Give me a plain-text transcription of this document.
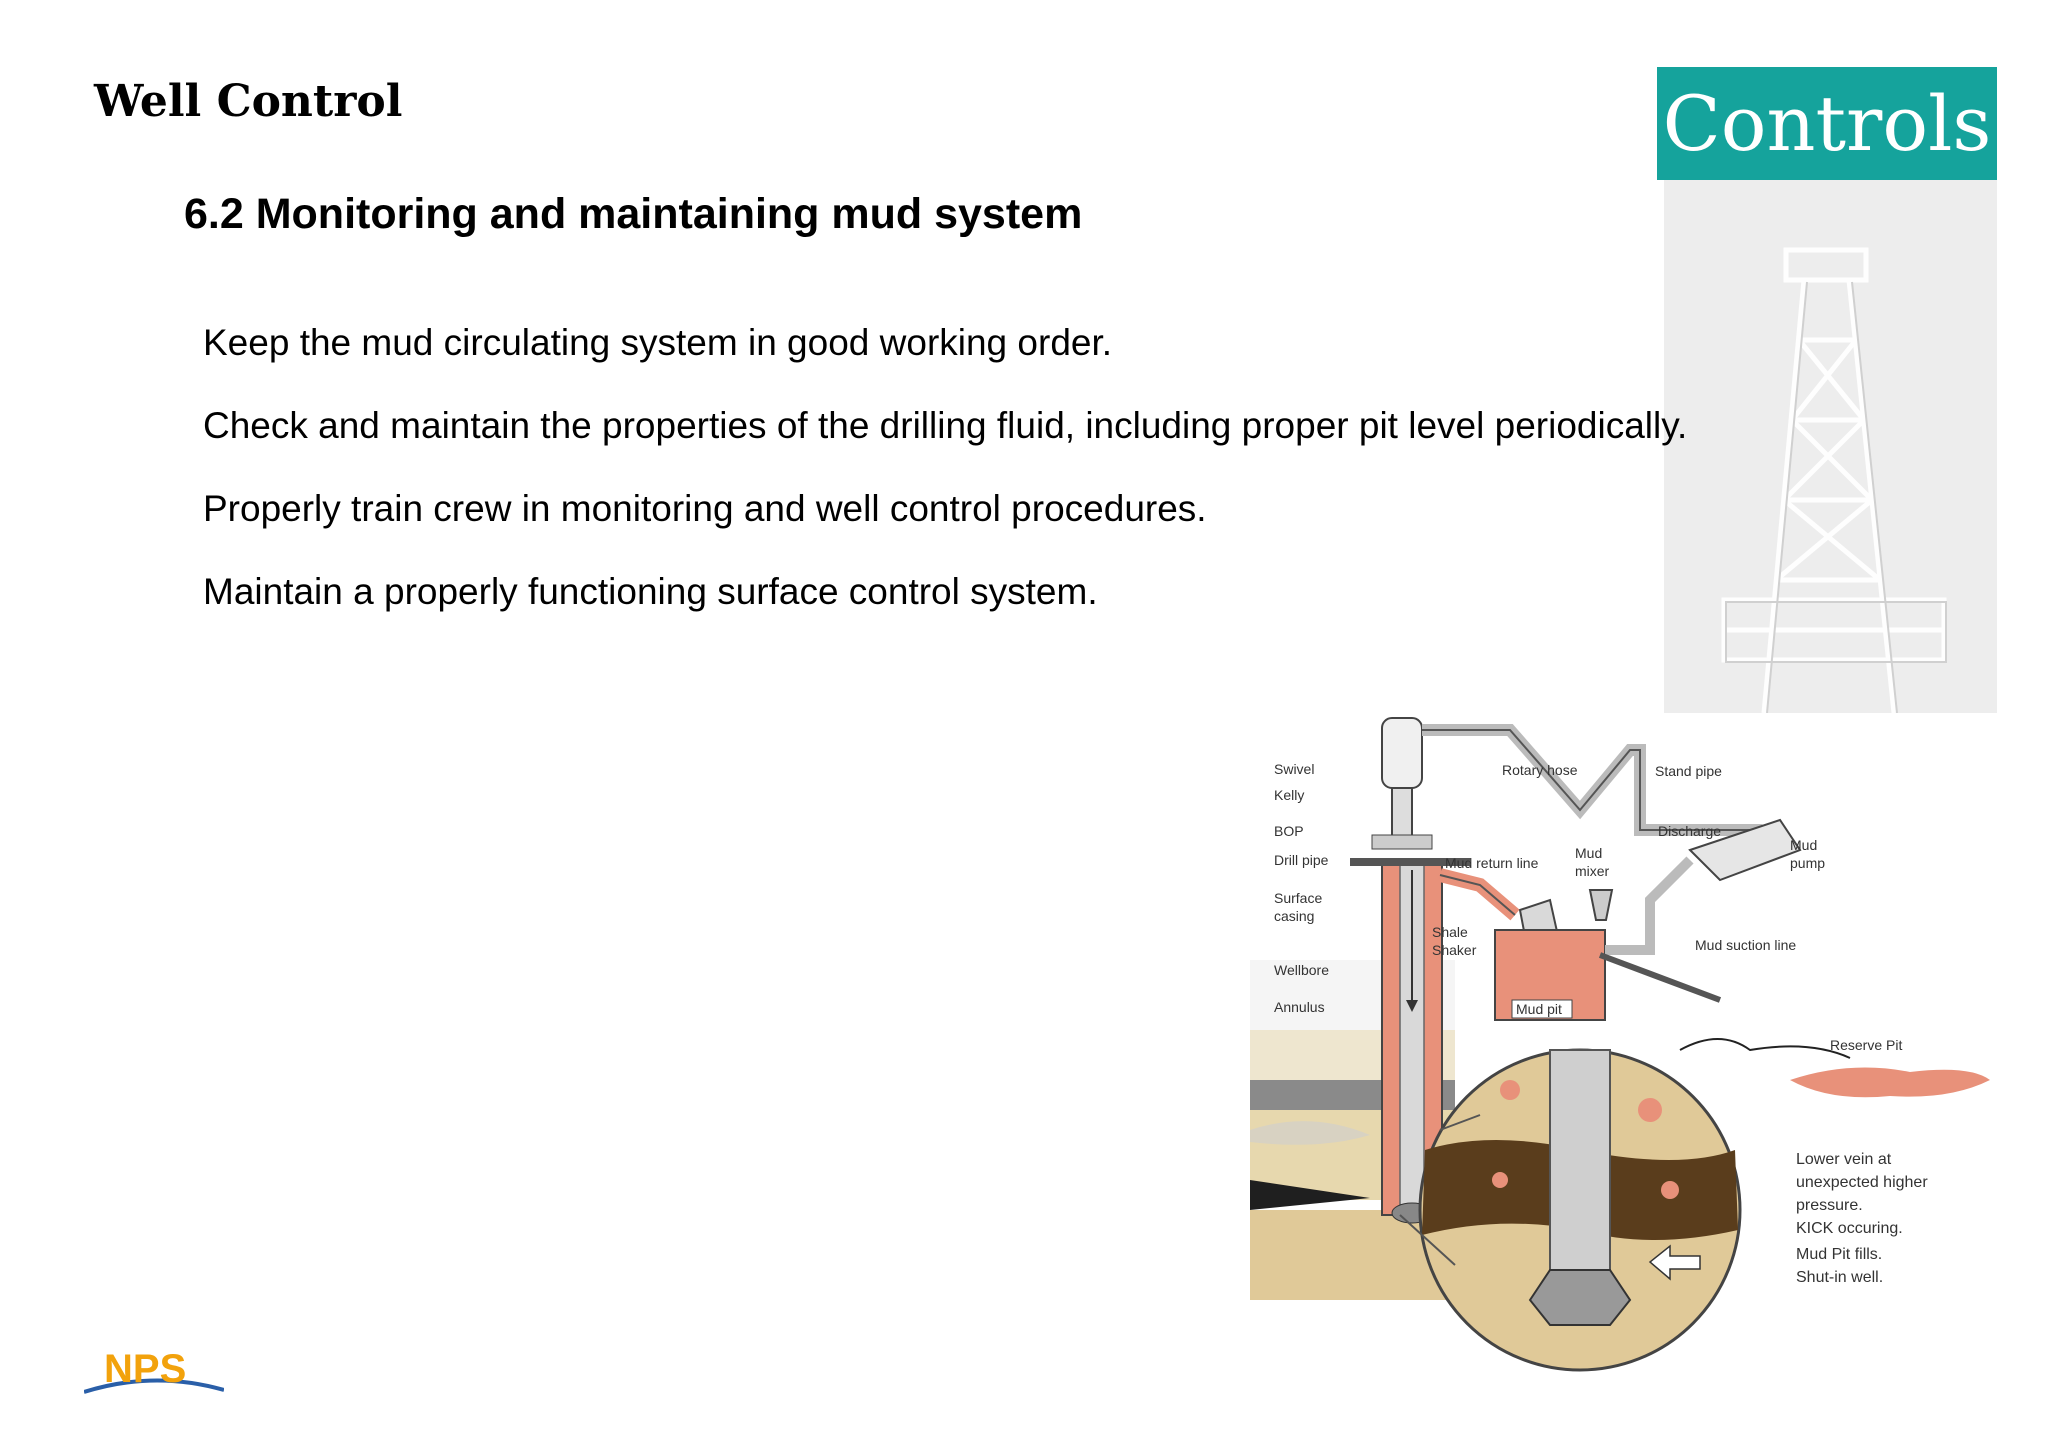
Well Control	Controls
6.2 Monitoring and maintaining mud system
Keep the mud circulating system in good working order.
Check and maintain the properties of the drilling fluid, including proper pit level periodically.
Properly train crew in monitoring and well control procedures.
Maintain a properly functioning surface control system.
Swivel
Kelly
BOP
Drill pipe
Surface
casing
Wellbore
Annulus
Rotary hose	Stand pipe
Discharge
Mud
pump
Mud return line
Mud
mixer
Shale
Shaker	Mud suction line
Mud pit
Reserve Pit
Lower vein at
unexpected higher
pressure.
KICK occuring.
Mud Pit fills.
Shut-in well.
NPS
